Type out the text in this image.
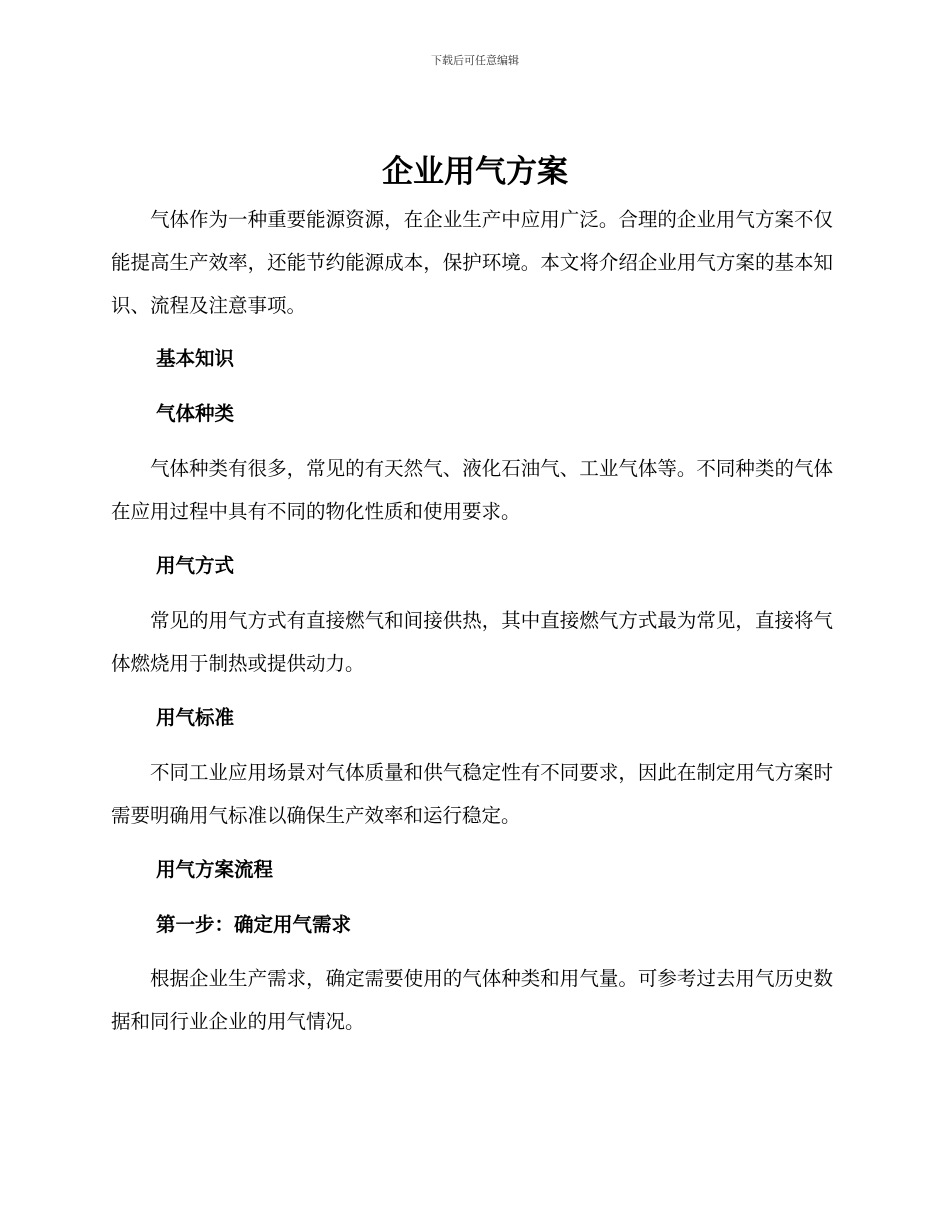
下载后可任意编辑
企业用气方案

气体作为一种重要能源资源，在企业生产中应用广泛。合理的企业用气方案不仅能提高生产效率，还能节约能源成本，保护环境。本文将介绍企业用气方案的基本知识、流程及注意事项。

基本知识
气体种类

气体种类有很多，常见的有天然气、液化石油气、工业气体等。不同种类的气体在应用过程中具有不同的物化性质和使用要求。

用气方式

常见的用气方式有直接燃气和间接供热，其中直接燃气方式最为常见，直接将气体燃烧用于制热或提供动力。

用气标准

不同工业应用场景对气体质量和供气稳定性有不同要求，因此在制定用气方案时需要明确用气标准以确保生产效率和运行稳定。

用气方案流程
第一步：确定用气需求

根据企业生产需求，确定需要使用的气体种类和用气量。可参考过去用气历史数据和同行业企业的用气情况。
